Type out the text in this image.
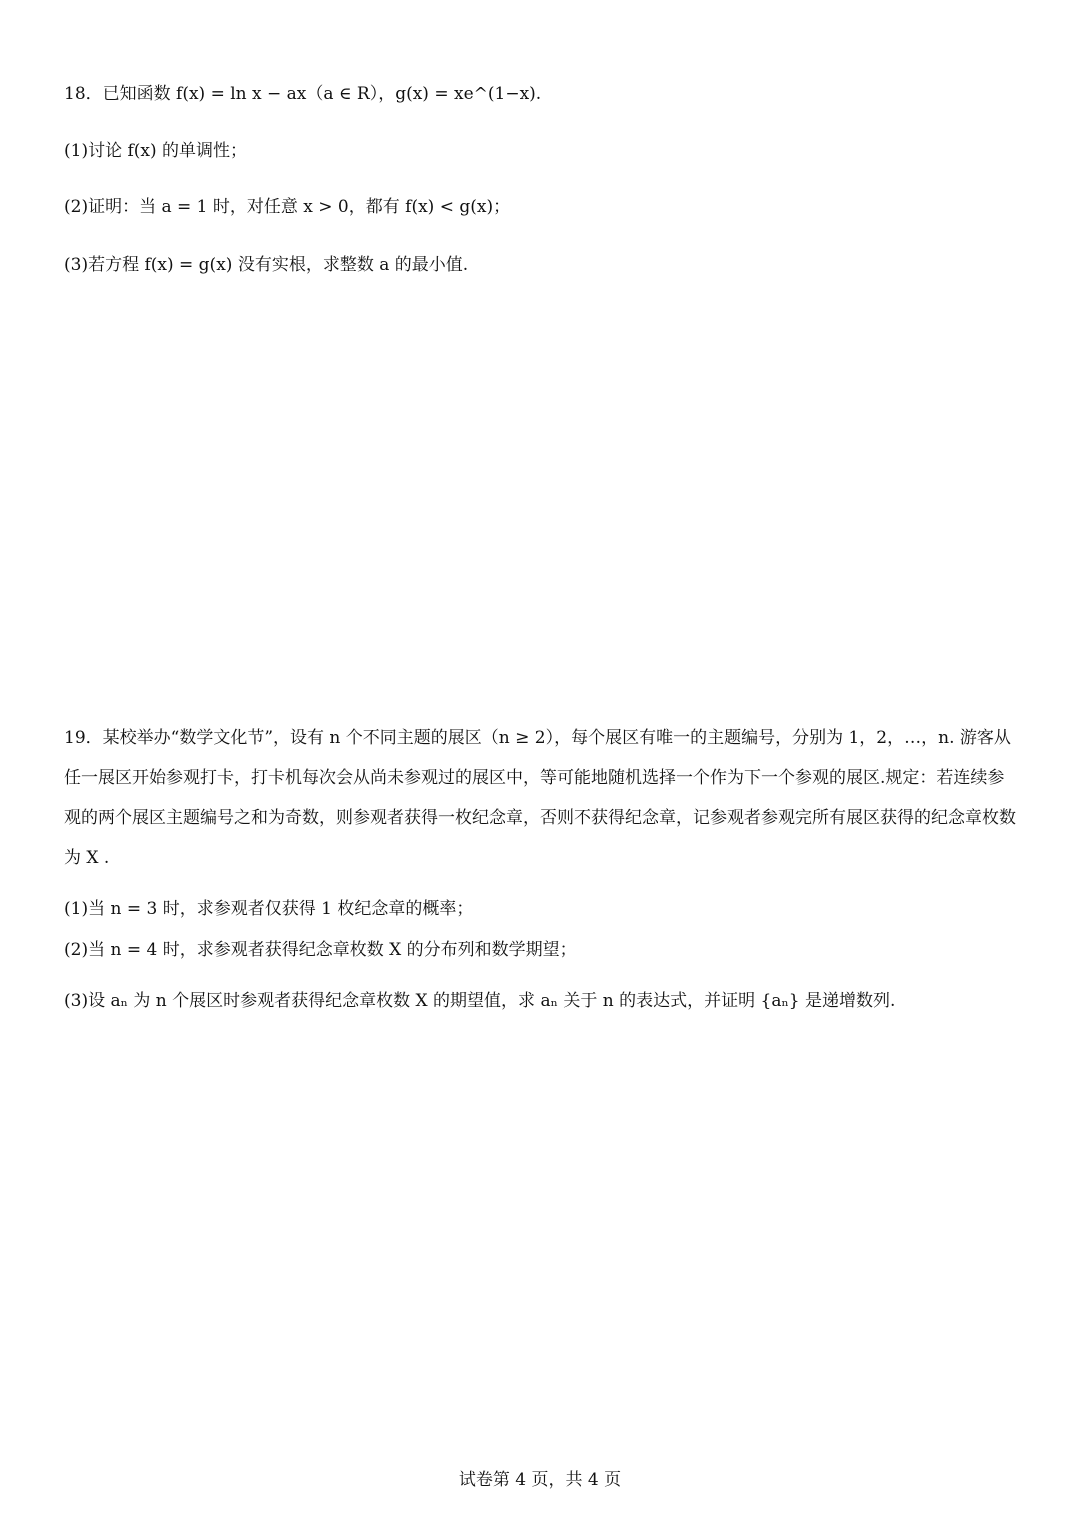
18．已知函数 f(x) = ln x − ax（a ∈ R），g(x) = xe^(1−x).
(1)讨论 f(x) 的单调性；
(2)证明：当 a = 1 时，对任意 x > 0，都有 f(x) < g(x)；
(3)若方程 f(x) = g(x) 没有实根，求整数 a 的最小值.
19．某校举办“数学文化节”，设有 n 个不同主题的展区（n ≥ 2），每个展区有唯一的主题编号，分别为 1，2，…，n. 游客从任一展区开始参观打卡，打卡机每次会从尚未参观过的展区中，等可能地随机选择一个作为下一个参观的展区.规定：若连续参观的两个展区主题编号之和为奇数，则参观者获得一枚纪念章，否则不获得纪念章，记参观者参观完所有展区获得的纪念章枚数为 X .
(1)当 n = 3 时，求参观者仅获得 1 枚纪念章的概率；
(2)当 n = 4 时，求参观者获得纪念章枚数 X 的分布列和数学期望；
(3)设 aₙ 为 n 个展区时参观者获得纪念章枚数 X 的期望值，求 aₙ 关于 n 的表达式，并证明 {aₙ} 是递增数列.
试卷第 4 页，共 4 页
